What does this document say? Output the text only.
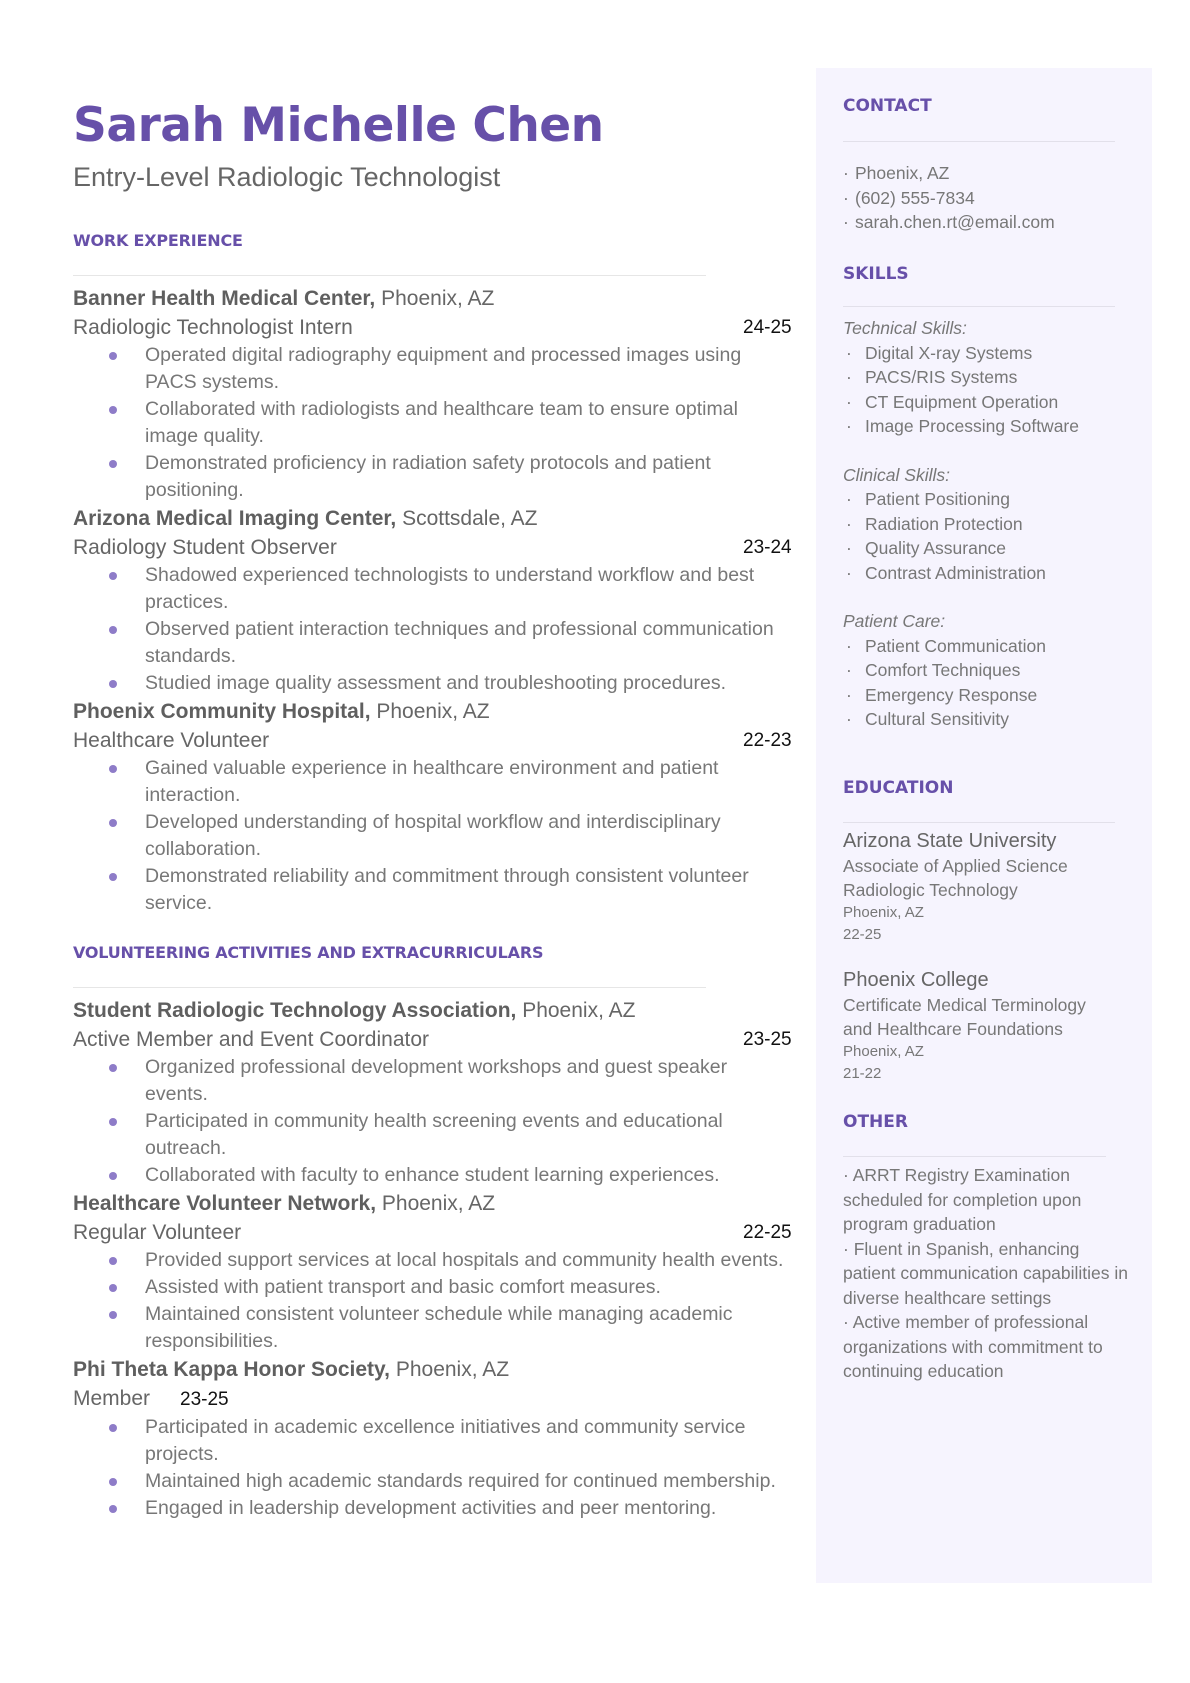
Sarah Michelle Chen
Entry-Level Radiologic Technologist
WORK EXPERIENCE
Banner Health Medical Center, Phoenix, AZ
Radiologic Technologist Intern	24-25
Operated digital radiography equipment and processed images using PACS systems.
Collaborated with radiologists and healthcare team to ensure optimal image quality.
Demonstrated proficiency in radiation safety protocols and patient positioning.
Arizona Medical Imaging Center, Scottsdale, AZ
Radiology Student Observer	23-24
Shadowed experienced technologists to understand workflow and best practices.
Observed patient interaction techniques and professional communication standards.
Studied image quality assessment and troubleshooting procedures.
Phoenix Community Hospital, Phoenix, AZ
Healthcare Volunteer	22-23
Gained valuable experience in healthcare environment and patient interaction.
Developed understanding of hospital workflow and interdisciplinary collaboration.
Demonstrated reliability and commitment through consistent volunteer service.
VOLUNTEERING ACTIVITIES AND EXTRACURRICULARS
Student Radiologic Technology Association, Phoenix, AZ
Active Member and Event Coordinator	23-25
Organized professional development workshops and guest speaker events.
Participated in community health screening events and educational outreach.
Collaborated with faculty to enhance student learning experiences.
Healthcare Volunteer Network, Phoenix, AZ
Regular Volunteer	22-25
Provided support services at local hospitals and community health events.
Assisted with patient transport and basic comfort measures.
Maintained consistent volunteer schedule while managing academic responsibilities.
Phi Theta Kappa Honor Society, Phoenix, AZ
Member 23-25
Participated in academic excellence initiatives and community service projects.
Maintained high academic standards required for continued membership.
Engaged in leadership development activities and peer mentoring.
CONTACT
· Phoenix, AZ
· (602) 555-7834
· sarah.chen.rt@email.com
SKILLS
Technical Skills:
· Digital X-ray Systems
· PACS/RIS Systems
· CT Equipment Operation
· Image Processing Software
Clinical Skills:
· Patient Positioning
· Radiation Protection
· Quality Assurance
· Contrast Administration
Patient Care:
· Patient Communication
· Comfort Techniques
· Emergency Response
· Cultural Sensitivity
EDUCATION
Arizona State University
Associate of Applied Science
Radiologic Technology
Phoenix, AZ
22-25
Phoenix College
Certificate Medical Terminology
and Healthcare Foundations
Phoenix, AZ
21-22
OTHER
· ARRT Registry Examination scheduled for completion upon program graduation
· Fluent in Spanish, enhancing patient communication capabilities in diverse healthcare settings
· Active member of professional organizations with commitment to continuing education
